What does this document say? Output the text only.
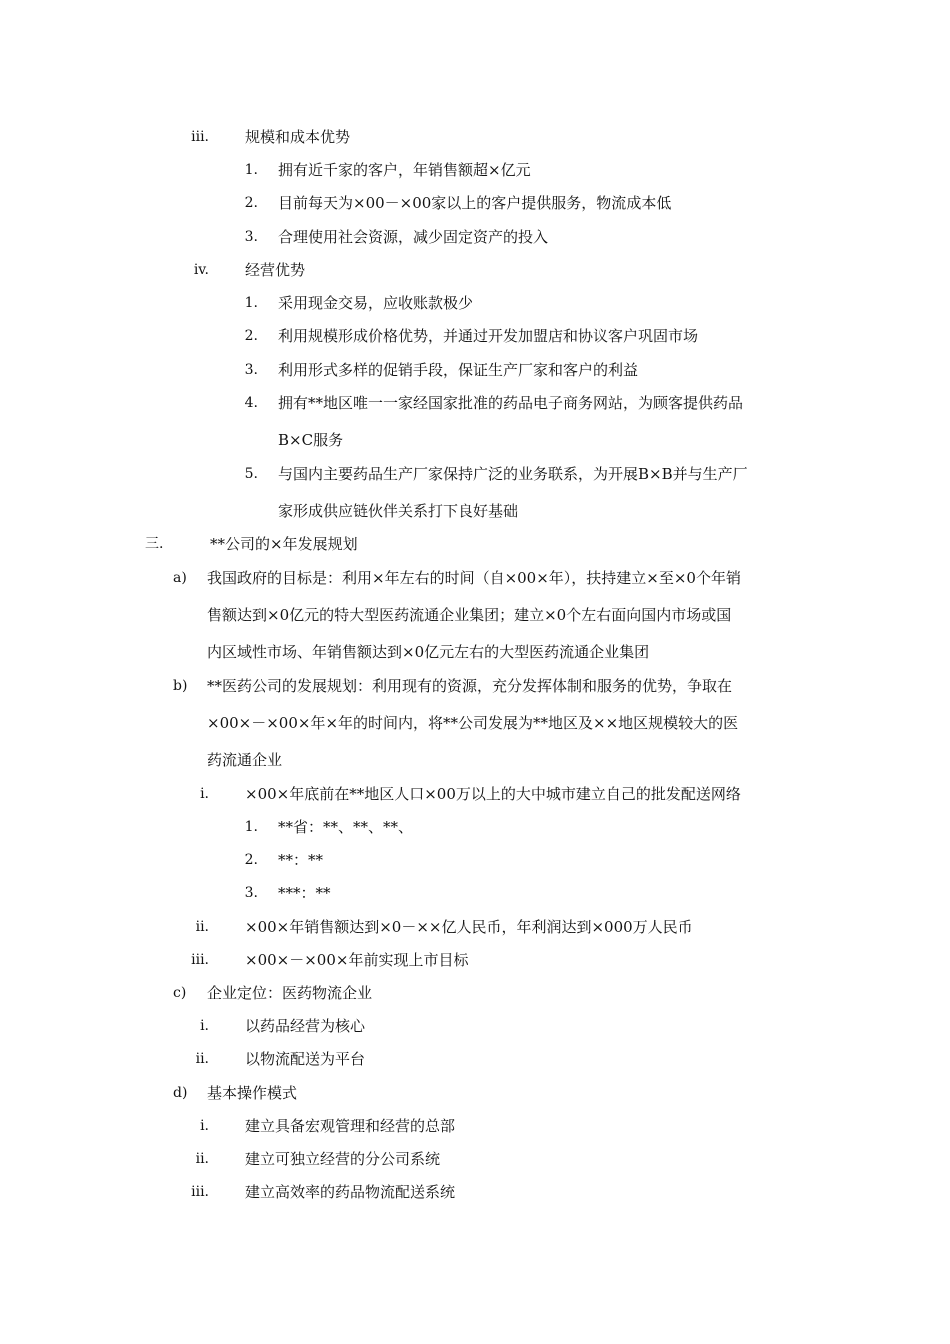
iii. 规模和成本优势
1. 拥有近千家的客户，年销售额超×亿元
2. 目前每天为×00－×00家以上的客户提供服务，物流成本低
3. 合理使用社会资源，减少固定资产的投入
iv. 经营优势
1. 采用现金交易，应收账款极少
2. 利用规模形成价格优势，并通过开发加盟店和协议客户巩固市场
3. 利用形式多样的促销手段，保证生产厂家和客户的利益
4. 拥有**地区唯一一家经国家批准的药品电子商务网站，为顾客提供药品
B×C服务
5. 与国内主要药品生产厂家保持广泛的业务联系，为开展B×B并与生产厂
家形成供应链伙伴关系打下良好基础
三.	**公司的×年发展规划
a) 我国政府的目标是：利用×年左右的时间（自×00×年），扶持建立×至×0个年销
售额达到×0亿元的特大型医药流通企业集团；建立×0个左右面向国内市场或国
内区域性市场、年销售额达到×0亿元左右的大型医药流通企业集团
b) **医药公司的发展规划：利用现有的资源，充分发挥体制和服务的优势，争取在
×00×－×00×年×年的时间内，将**公司发展为**地区及××地区规模较大的医
药流通企业
i. ×00×年底前在**地区人口×00万以上的大中城市建立自己的批发配送网络
1. **省：**、**、**、
2. **：**
3. ***：**
ii. ×00×年销售额达到×0－××亿人民币，年利润达到×000万人民币
iii. ×00×－×00×年前实现上市目标
c) 企业定位：医药物流企业
i. 以药品经营为核心
ii. 以物流配送为平台
d) 基本操作模式
i. 建立具备宏观管理和经营的总部
ii. 建立可独立经营的分公司系统
iii. 建立高效率的药品物流配送系统
